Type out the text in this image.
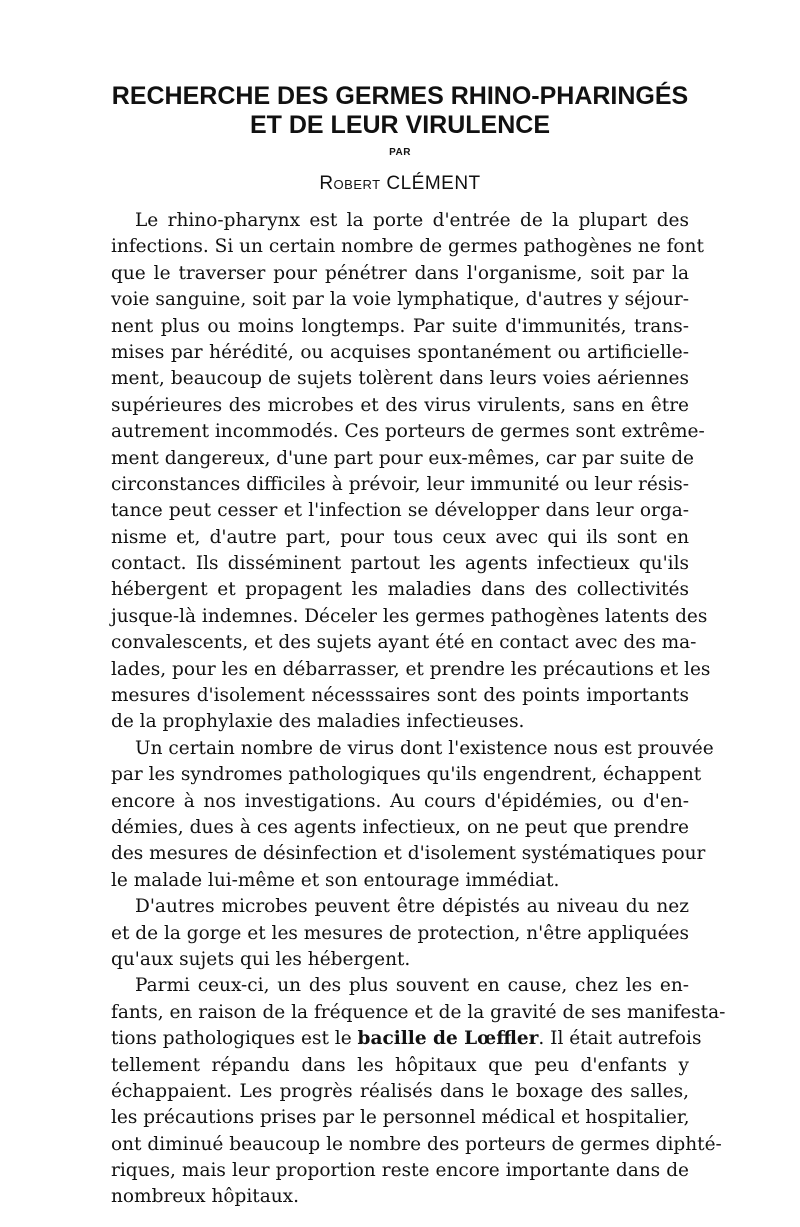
RECHERCHE DES GERMES RHINO-PHARINGÉS
ET DE LEUR VIRULENCE
PAR
Robert CLÉMENT
Le rhino-pharynx est la porte d'entrée de la plupart des
infections. Si un certain nombre de germes pathogènes ne font
que le traverser pour pénétrer dans l'organisme, soit par la
voie sanguine, soit par la voie lymphatique, d'autres y séjour-
nent plus ou moins longtemps. Par suite d'immunités, trans-
mises par hérédité, ou acquises spontanément ou artificielle-
ment, beaucoup de sujets tolèrent dans leurs voies aériennes
supérieures des microbes et des virus virulents, sans en être
autrement incommodés. Ces porteurs de germes sont extrême-
ment dangereux, d'une part pour eux-mêmes, car par suite de
circonstances difficiles à prévoir, leur immunité ou leur résis-
tance peut cesser et l'infection se développer dans leur orga-
nisme et, d'autre part, pour tous ceux avec qui ils sont en
contact. Ils disséminent partout les agents infectieux qu'ils
hébergent et propagent les maladies dans des collectivités
jusque-là indemnes. Déceler les germes pathogènes latents des
convalescents, et des sujets ayant été en contact avec des ma-
lades, pour les en débarrasser, et prendre les précautions et les
mesures d'isolement nécesssaires sont des points importants
de la prophylaxie des maladies infectieuses.
Un certain nombre de virus dont l'existence nous est prouvée
par les syndromes pathologiques qu'ils engendrent, échappent
encore à nos investigations. Au cours d'épidémies, ou d'en-
démies, dues à ces agents infectieux, on ne peut que prendre
des mesures de désinfection et d'isolement systématiques pour
le malade lui-même et son entourage immédiat.
D'autres microbes peuvent être dépistés au niveau du nez
et de la gorge et les mesures de protection, n'être appliquées
qu'aux sujets qui les hébergent.
Parmi ceux-ci, un des plus souvent en cause, chez les en-
fants, en raison de la fréquence et de la gravité de ses manifesta-
tions pathologiques est le bacille de Lœffler. Il était autrefois
tellement répandu dans les hôpitaux que peu d'enfants y
échappaient. Les progrès réalisés dans le boxage des salles,
les précautions prises par le personnel médical et hospitalier,
ont diminué beaucoup le nombre des porteurs de germes diphté-
riques, mais leur proportion reste encore importante dans de
nombreux hôpitaux.
